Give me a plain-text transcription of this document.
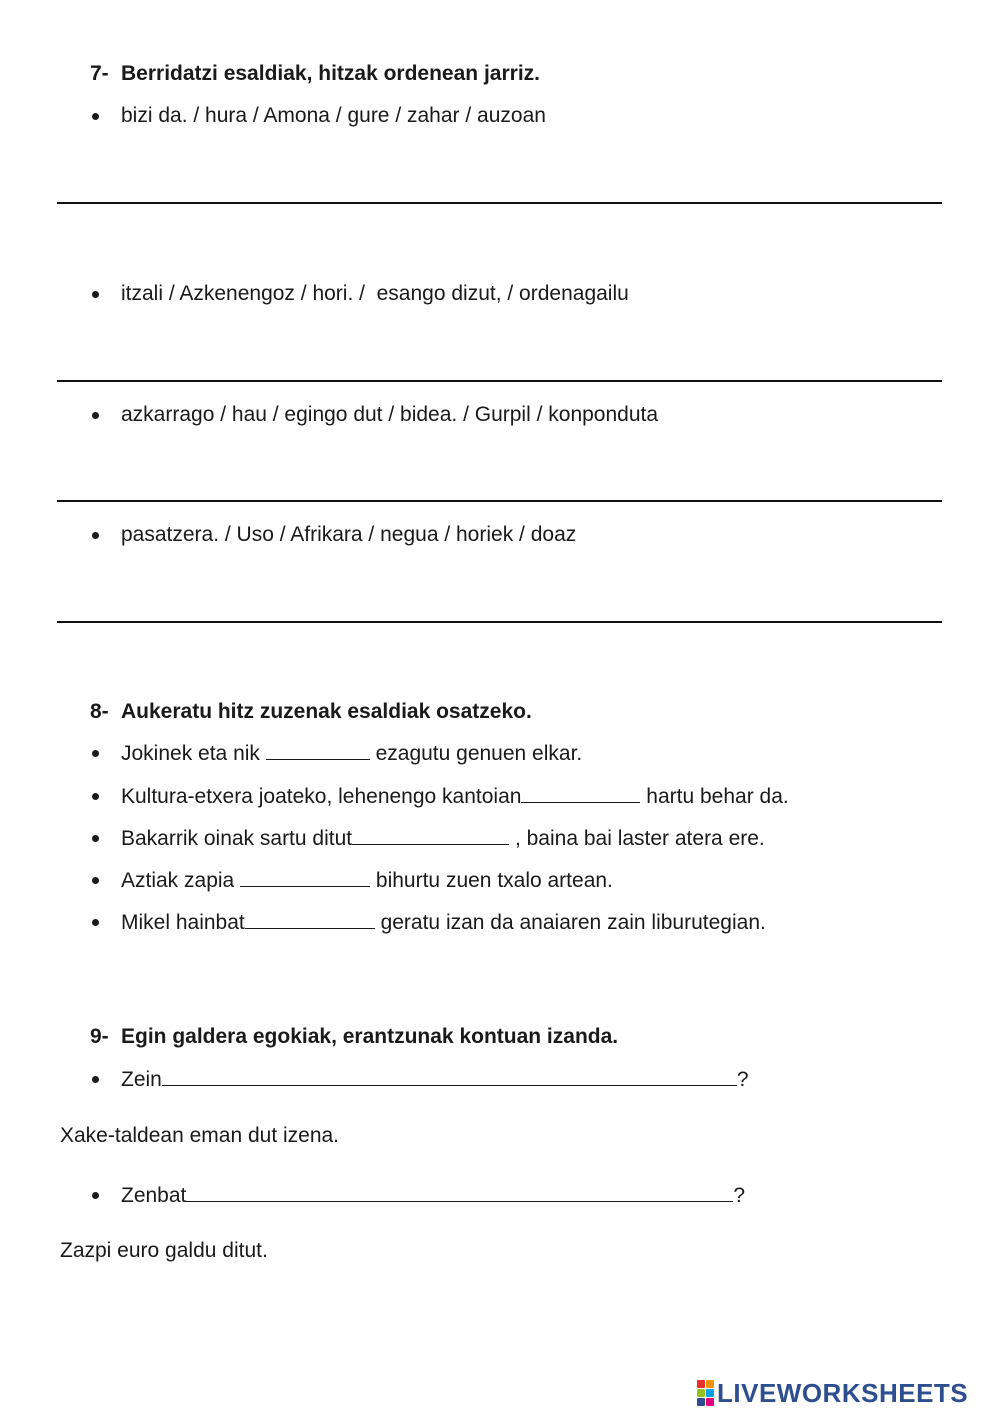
7- Berridatzi esaldiak, hitzak ordenean jarriz.
bizi da. / hura / Amona / gure / zahar / auzoan
itzali / Azkenengoz / hori. /  esango dizut, / ordenagailu
azkarrago / hau / egingo dut / bidea. / Gurpil / konponduta
pasatzera. / Uso / Afrikara / negua / horiek / doaz
8- Aukeratu hitz zuzenak esaldiak osatzeko.
Jokinek eta nik	ezagutu genuen elkar.
Kultura-etxera joateko, lehenengo kantoian	hartu behar da.
Bakarrik oinak sartu ditut	, baina bai laster atera ere.
Aztiak zapia	bihurtu zuen txalo artean.
Mikel hainbat	geratu izan da anaiaren zain liburutegian.
9- Egin galdera egokiak, erantzunak kontuan izanda.
Zein	?
Xake-taldean eman dut izena.
Zenbat	?
Zazpi euro galdu ditut.
LIVEWORKSHEETS
